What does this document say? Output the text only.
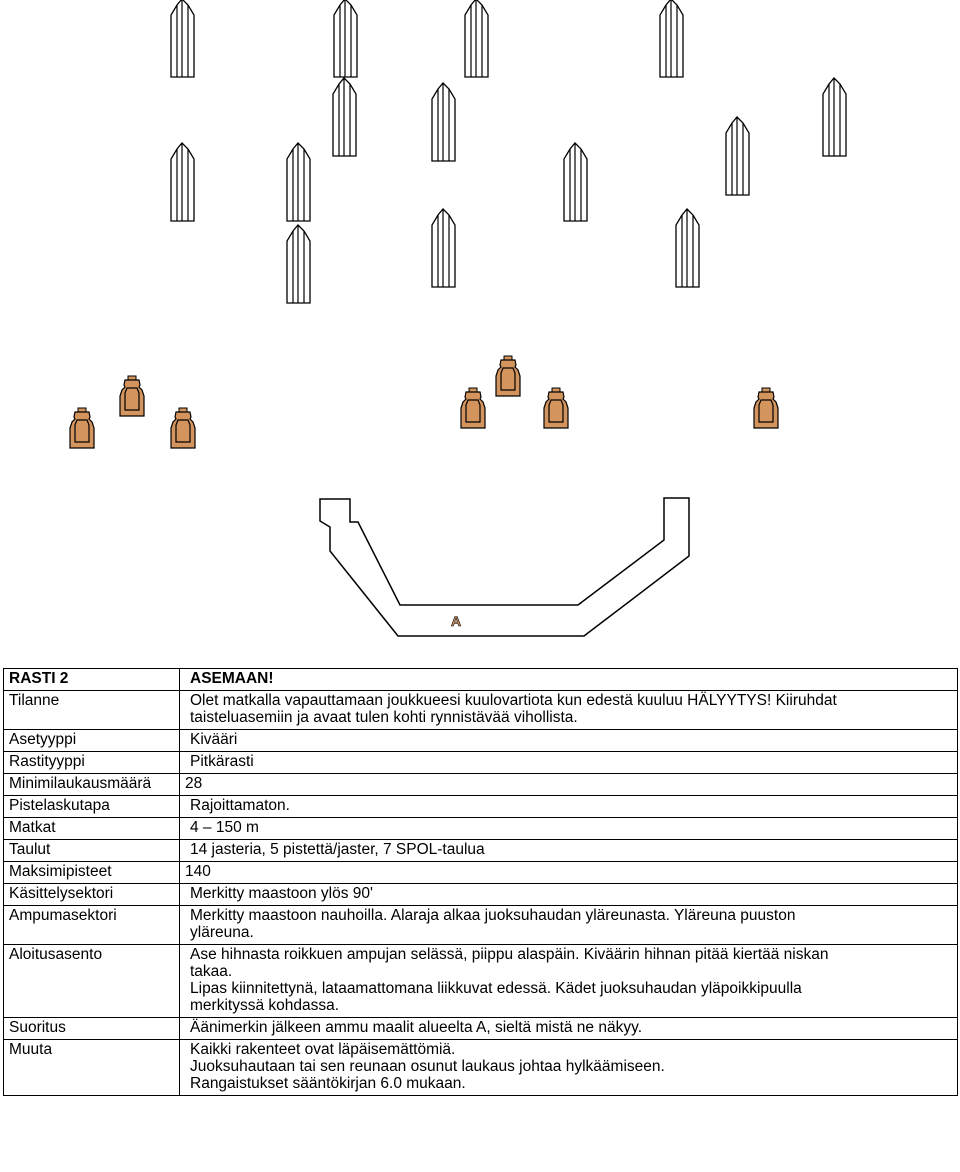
A
RASTI 2	ASEMAAN!
Tilanne	Olet matkalla vapauttamaan joukkueesi kuulovartiota kun edestä kuuluu HÄLYYTYS! Kiiruhdat
taisteluasemiin ja avaat tulen kohti rynnistävää vihollista.

Asetyyppi	Kivääri

Rastityyppi	Pitkärasti

Minimilaukausmäärä	28

Pistelaskutapa	Rajoittamaton.

Matkat	4 – 150 m

Taulut	14 jasteria, 5 pistettä/jaster, 7 SPOL-taulua

Maksimipisteet	140

Käsittelysektori	Merkitty maastoon ylös 90'

Ampumasektori	Merkitty maastoon nauhoilla. Alaraja alkaa juoksuhaudan yläreunasta. Yläreuna puuston
yläreuna.

Aloitusasento	Ase hihnasta roikkuen ampujan selässä, piippu alaspäin. Kiväärin hihnan pitää kiertää niskan
takaa.
Lipas kiinnitettynä, lataamattomana liikkuvat edessä. Kädet juoksuhaudan yläpoikkipuulla
merkityssä kohdassa.

Suoritus	Äänimerkin jälkeen ammu maalit alueelta A, sieltä mistä ne näkyy.

Muuta	Kaikki rakenteet ovat läpäisemättömiä.
Juoksuhautaan tai sen reunaan osunut laukaus johtaa hylkäämiseen.
Rangaistukset sääntökirjan 6.0 mukaan.
